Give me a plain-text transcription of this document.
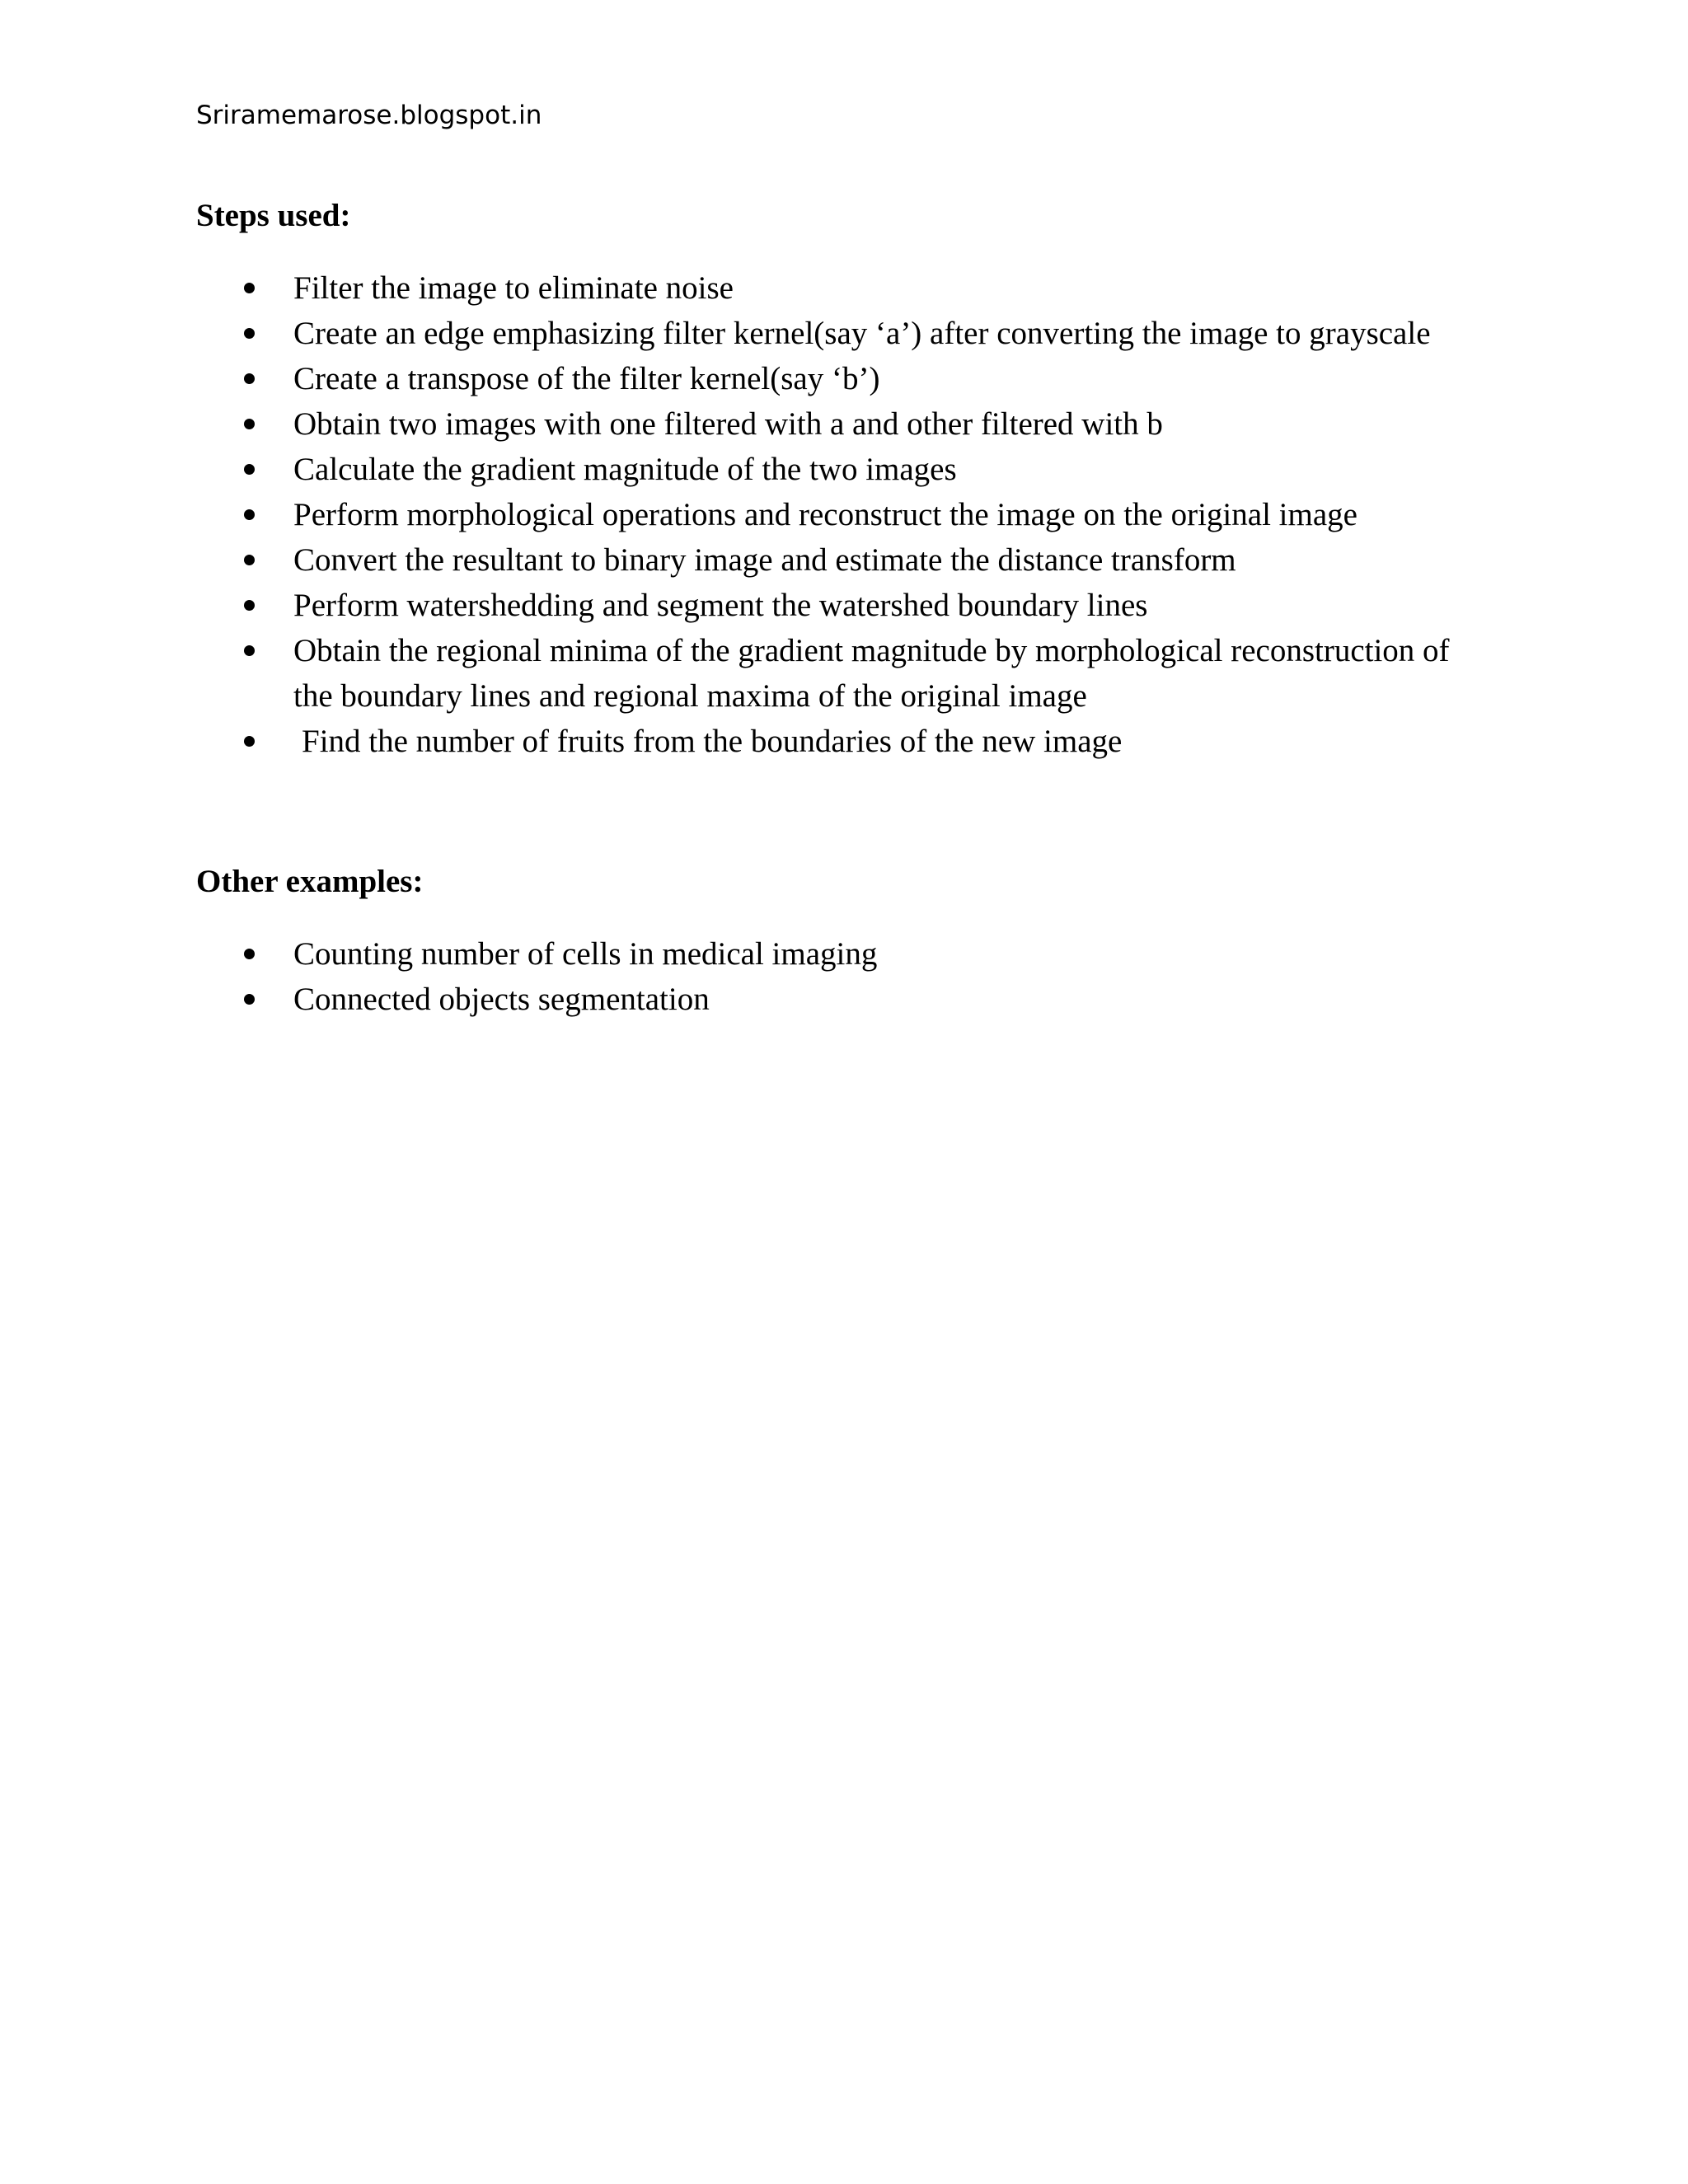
Sriramemarose.blogspot.in
Steps used:
Filter the image to eliminate noise
Create an edge emphasizing filter kernel(say ‘a’) after converting the image to grayscale
Create a transpose of the filter kernel(say ‘b’)
Obtain two images with one filtered with a and other filtered with b
Calculate the gradient magnitude of the two images
Perform morphological operations and reconstruct the image on the original image
Convert the resultant to binary image and estimate the distance transform
Perform watershedding and segment the watershed boundary lines
Obtain the regional minima of the gradient magnitude by morphological reconstruction of the boundary lines and regional maxima of the original image
Find the number of fruits from the boundaries of the new image
Other examples:
Counting number of cells in medical imaging
Connected objects segmentation
